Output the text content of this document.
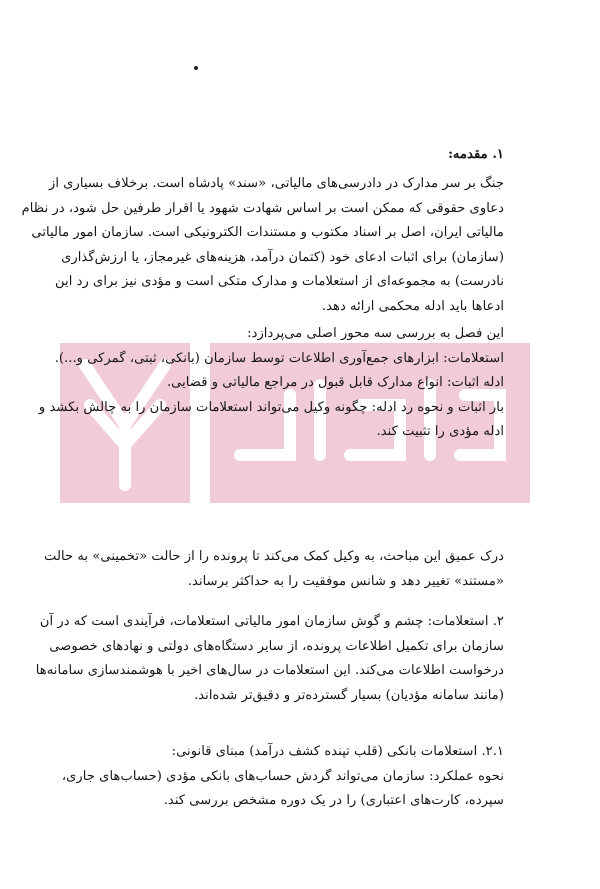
۱. مقدمه:
جنگ بر سر مدارک در دادرسی‌های مالیاتی، «سند» پادشاه است. برخلاف بسیاری از
دعاوی حقوقی که ممکن است بر اساس شهادت شهود یا اقرار طرفین حل شود، در نظام
مالیاتی ایران، اصل بر اسناد مکتوب و مستندات الکترونیکی است. سازمان امور مالیاتی
(سازمان) برای اثبات ادعای خود (کتمان درآمد، هزینه‌های غیرمجاز، یا ارزش‌گذاری
نادرست) به مجموعه‌ای از استعلامات و مدارک متکی است و مؤدی نیز برای رد این
ادعاها باید ادله محکمی ارائه دهد.
این فصل به بررسی سه محور اصلی می‌پردازد:
استعلامات: ابزارهای جمع‌آوری اطلاعات توسط سازمان (بانکی، ثبتی، گمرکی و...).
ادله اثبات: انواع مدارک قابل قبول در مراجع مالیاتی و قضایی.
بار اثبات و نحوه رد ادله: چگونه وکیل می‌تواند استعلامات سازمان را به چالش بکشد و
ادله مؤدی را تثبیت کند.
درک عمیق این مباحث، به وکیل کمک می‌کند تا پرونده را از حالت «تخمینی» به حالت
«مستند» تغییر دهد و شانس موفقیت را به حداکثر برساند.
۲. استعلامات: چشم و گوش سازمان امور مالیاتی استعلامات، فرآیندی است که در آن
سازمان برای تکمیل اطلاعات پرونده، از سایر دستگاه‌های دولتی و نهادهای خصوصی
درخواست اطلاعات می‌کند. این استعلامات در سال‌های اخیر با هوشمندسازی سامانه‌ها
(مانند سامانه مؤدیان) بسیار گسترده‌تر و دقیق‌تر شده‌اند.
۲.۱. استعلامات بانکی (قلب تپنده کشف درآمد) مبنای قانونی:
نحوه عملکرد: سازمان می‌تواند گردش حساب‌های بانکی مؤدی (حساب‌های جاری،
سپرده، کارت‌های اعتباری) را در یک دوره مشخص بررسی کند.
